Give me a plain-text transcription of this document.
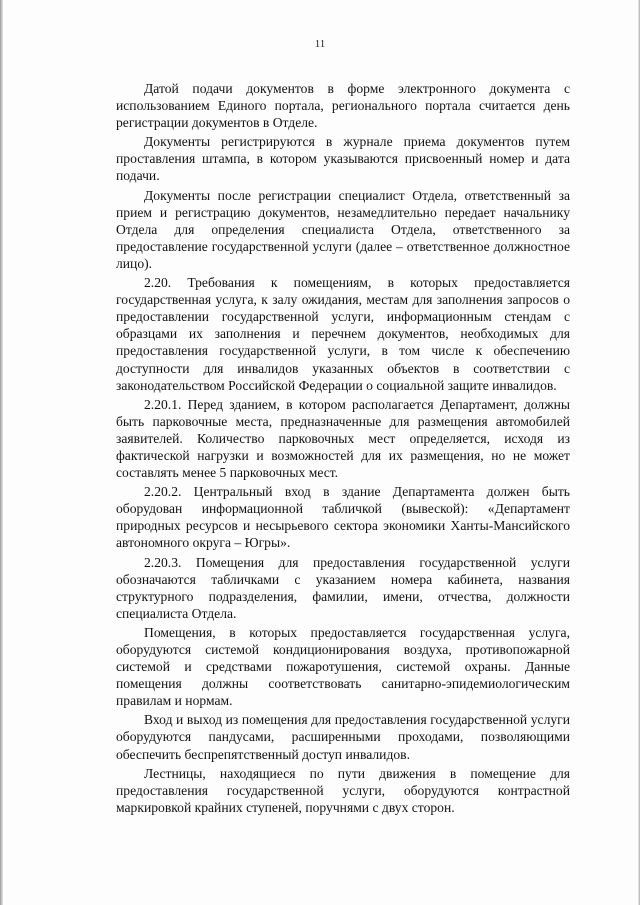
11

Датой подачи документов в форме электронного документа с использованием Единого портала, регионального портала считается день регистрации документов в Отделе.

Документы регистрируются в журнале приема документов путем проставления штампа, в котором указываются присвоенный номер и дата подачи.

Документы после регистрации специалист Отдела, ответственный за прием и регистрацию документов, незамедлительно передает начальнику Отдела для определения специалиста Отдела, ответственного за предоставление государственной услуги (далее – ответственное должностное лицо).

2.20. Требования к помещениям, в которых предоставляется государственная услуга, к залу ожидания, местам для заполнения запросов о предоставлении государственной услуги, информационным стендам с образцами их заполнения и перечнем документов, необходимых для предоставления государственной услуги, в том числе к обеспечению доступности для инвалидов указанных объектов в соответствии с законодательством Российской Федерации о социальной защите инвалидов.

2.20.1. Перед зданием, в котором располагается Департамент, должны быть парковочные места, предназначенные для размещения автомобилей заявителей. Количество парковочных мест определяется, исходя из фактической нагрузки и возможностей для их размещения, но не может составлять менее 5 парковочных мест.

2.20.2. Центральный вход в здание Департамента должен быть оборудован информационной табличкой (вывеской): «Департамент природных ресурсов и несырьевого сектора экономики Ханты-Мансийского автономного округа – Югры».

2.20.3. Помещения для предоставления государственной услуги обозначаются табличками с указанием номера кабинета, названия структурного подразделения, фамилии, имени, отчества, должности специалиста Отдела.

Помещения, в которых предоставляется государственная услуга, оборудуются системой кондиционирования воздуха, противопожарной системой и средствами пожаротушения, системой охраны. Данные помещения должны соответствовать санитарно-эпидемиологическим правилам и нормам.

Вход и выход из помещения для предоставления государственной услуги оборудуются пандусами, расширенными проходами, позволяющими обеспечить беспрепятственный доступ инвалидов.

Лестницы, находящиеся по пути движения в помещение для предоставления государственной услуги, оборудуются контрастной маркировкой крайних ступеней, поручнями с двух сторон.
